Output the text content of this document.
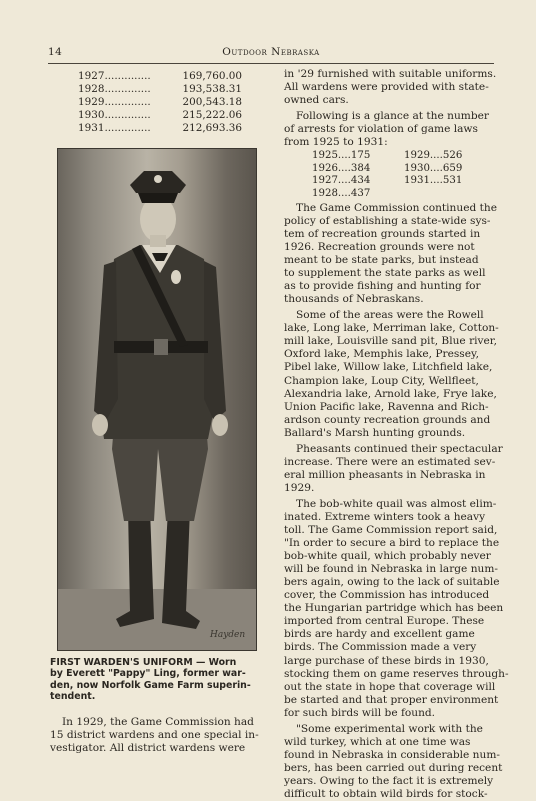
14	Outdoor Nebraska
1927..............	169,760.00
1928..............	193,538.31
1929..............	200,543.18
1930..............	215,222.06
1931..............	212,693.36
Hayden
FIRST WARDEN'S UNIFORM — Worn
by Everett "Pappy" Ling, former war-
den, now Norfolk Game Farm superin-
tendent.

In 1929, the Game Commission had

15 district wardens and one special in-

vestigator. All district wardens were

in '29 furnished with suitable uniforms.

All wardens were provided with state-

owned cars.

Following is a glance at the number

of arrests for violation of game laws

from 1925 to 1931:

1925....175	1929....526
1926....384	1930....659
1927....434	1931....531
1928....437

The Game Commission continued the

policy of establishing a state-wide sys-

tem of recreation grounds started in

1926. Recreation grounds were not

meant to be state parks, but instead

to supplement the state parks as well

as to provide fishing and hunting for

thousands of Nebraskans.

Some of the areas were the Rowell

lake, Long lake, Merriman lake, Cotton-

mill lake, Louisville sand pit, Blue river,

Oxford lake, Memphis lake, Pressey,

Pibel lake, Willow lake, Litchfield lake,

Champion lake, Loup City, Wellfleet,

Alexandria lake, Arnold lake, Frye lake,

Union Pacific lake, Ravenna and Rich-

ardson county recreation grounds and

Ballard's Marsh hunting grounds.

Pheasants continued their spectacular

increase. There were an estimated sev-

eral million pheasants in Nebraska in

1929.

The bob-white quail was almost elim-

inated. Extreme winters took a heavy

toll. The Game Commission report said,

"In order to secure a bird to replace the

bob-white quail, which probably never

will be found in Nebraska in large num-

bers again, owing to the lack of suitable

cover, the Commission has introduced

the Hungarian partridge which has been

imported from central Europe. These

birds are hardy and excellent game

birds. The Commission made a very

large purchase of these birds in 1930,

stocking them on game reserves through-

out the state in hope that coverage will

be started and that proper environment

for such birds will be found.

"Some experimental work with the

wild turkey, which at one time was

found in Nebraska in considerable num-

bers, has been carried out during recent

years. Owing to the fact it is extremely

difficult to obtain wild birds for stock-
